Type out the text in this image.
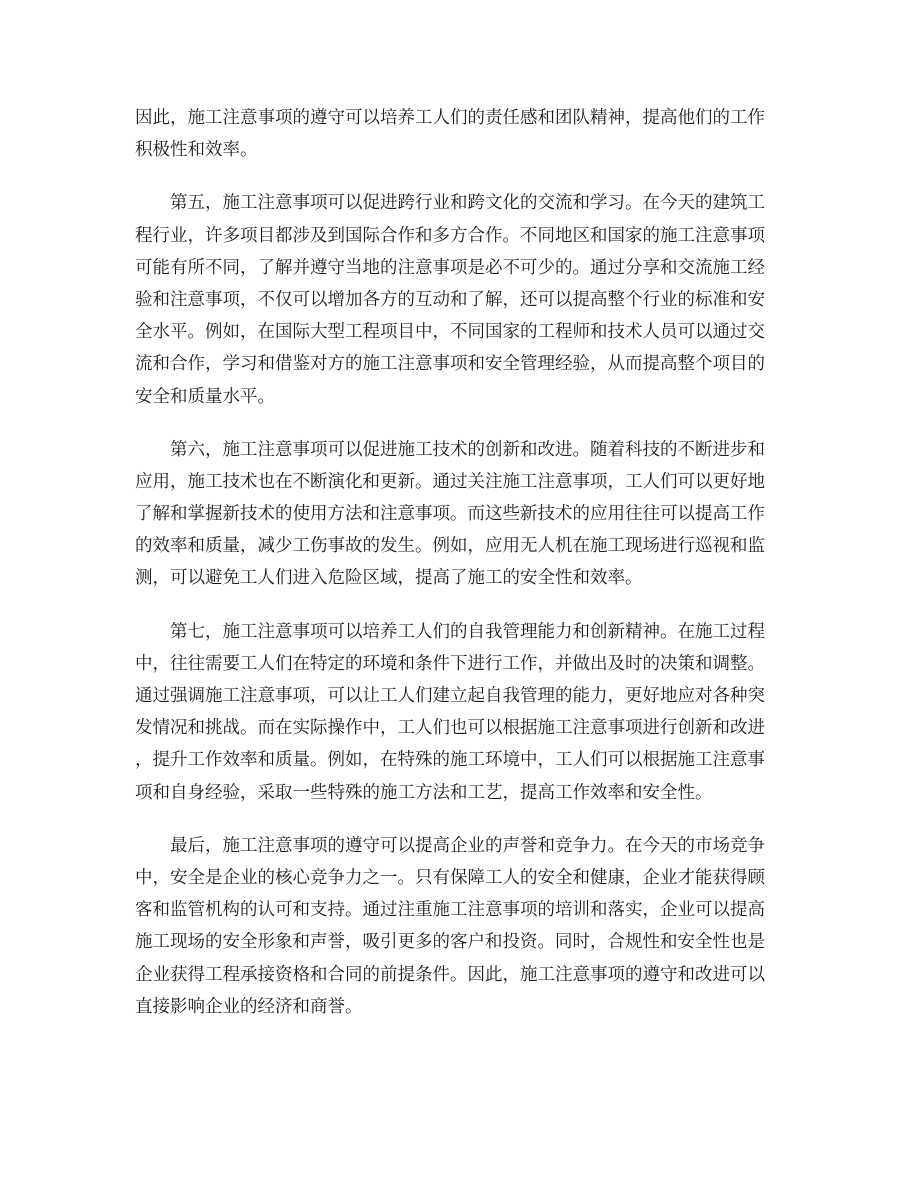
因此，施工注意事项的遵守可以培养工人们的责任感和团队精神，提高他们的工作
积极性和效率。
第五，施工注意事项可以促进跨行业和跨文化的交流和学习。在今天的建筑工
程行业，许多项目都涉及到国际合作和多方合作。不同地区和国家的施工注意事项
可能有所不同，了解并遵守当地的注意事项是必不可少的。通过分享和交流施工经
验和注意事项，不仅可以增加各方的互动和了解，还可以提高整个行业的标准和安
全水平。例如，在国际大型工程项目中，不同国家的工程师和技术人员可以通过交
流和合作，学习和借鉴对方的施工注意事项和安全管理经验，从而提高整个项目的
安全和质量水平。
第六，施工注意事项可以促进施工技术的创新和改进。随着科技的不断进步和
应用，施工技术也在不断演化和更新。通过关注施工注意事项，工人们可以更好地
了解和掌握新技术的使用方法和注意事项。而这些新技术的应用往往可以提高工作
的效率和质量，减少工伤事故的发生。例如，应用无人机在施工现场进行巡视和监
测，可以避免工人们进入危险区域，提高了施工的安全性和效率。
第七，施工注意事项可以培养工人们的自我管理能力和创新精神。在施工过程
中，往往需要工人们在特定的环境和条件下进行工作，并做出及时的决策和调整。
通过强调施工注意事项，可以让工人们建立起自我管理的能力，更好地应对各种突
发情况和挑战。而在实际操作中，工人们也可以根据施工注意事项进行创新和改进
，提升工作效率和质量。例如，在特殊的施工环境中，工人们可以根据施工注意事
项和自身经验，采取一些特殊的施工方法和工艺，提高工作效率和安全性。
最后，施工注意事项的遵守可以提高企业的声誉和竞争力。在今天的市场竞争
中，安全是企业的核心竞争力之一。只有保障工人的安全和健康，企业才能获得顾
客和监管机构的认可和支持。通过注重施工注意事项的培训和落实，企业可以提高
施工现场的安全形象和声誉，吸引更多的客户和投资。同时，合规性和安全性也是
企业获得工程承接资格和合同的前提条件。因此，施工注意事项的遵守和改进可以
直接影响企业的经济和商誉。
